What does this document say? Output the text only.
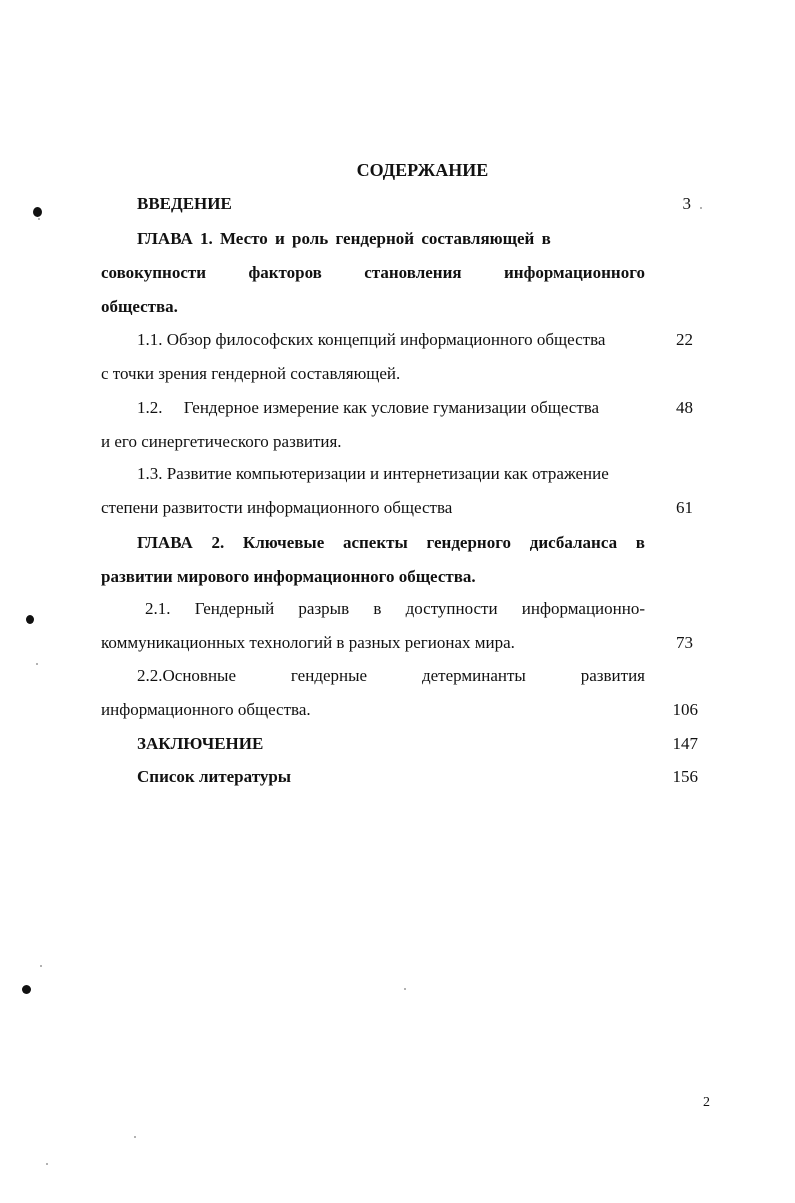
СОДЕРЖАНИЕ
ВВЕДЕНИЕ	3
ГЛАВА 1. Место и роль гендерной составляющей в
совокупности факторов становления информационного
общества.
1.1. Обзор философских концепций информационного общества	22
с точки зрения гендерной составляющей.
1.2.     Гендерное измерение как условие гуманизации общества	48
и его синергетического развития.
1.3. Развитие компьютеризации и интернетизации как отражение
степени развитости информационного общества	61
ГЛАВА 2. Ключевые аспекты гендерного дисбаланса в
развитии мирового информационного общества.
2.1. Гендерный разрыв в доступности информационно-
коммуникационных технологий в разных регионах мира.	73
2.2.Основные гендерные детерминанты развития
информационного общества.	106
ЗАКЛЮЧЕНИЕ	147
Список литературы	156
2
